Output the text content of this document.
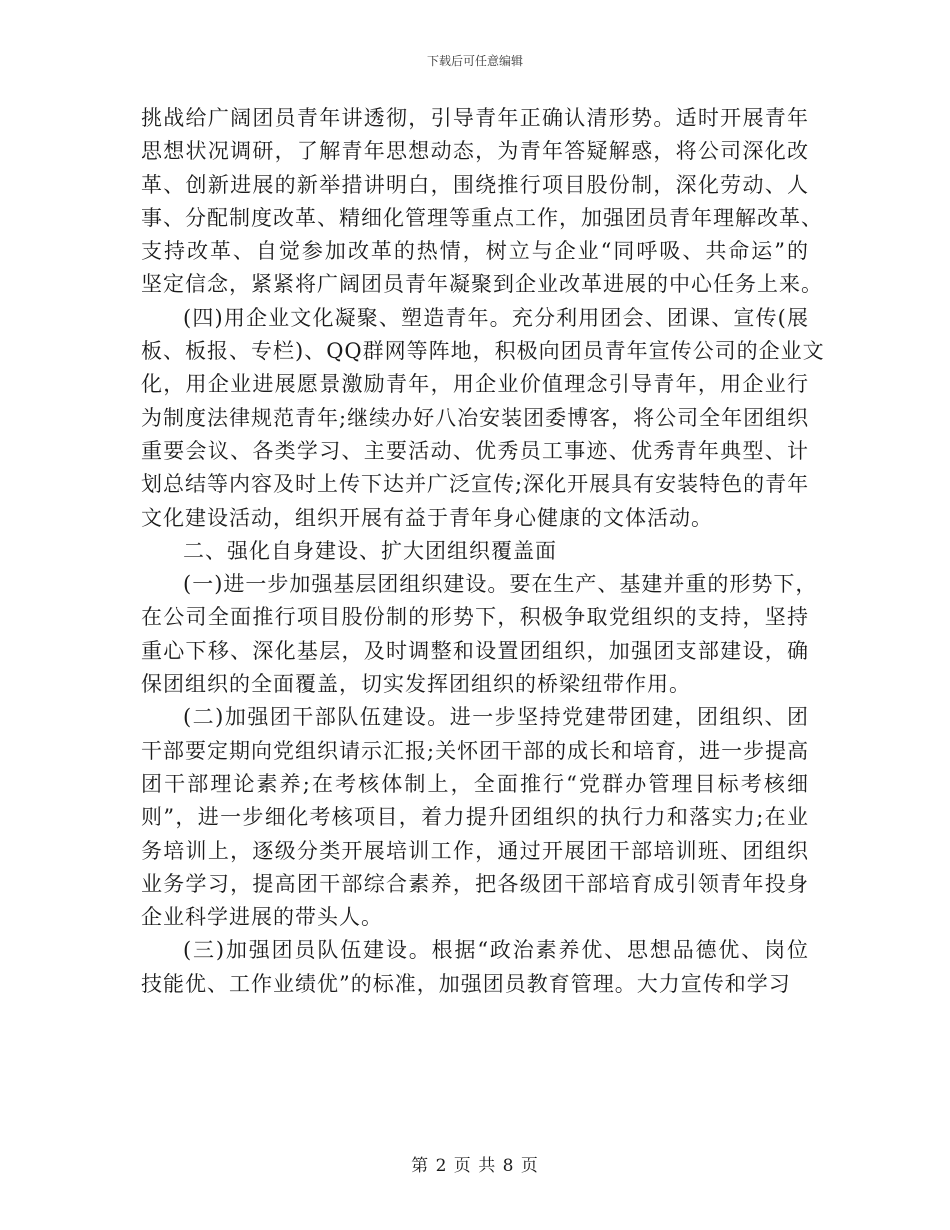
下载后可任意编辑
挑战给广阔团员青年讲透彻，引导青年正确认清形势。适时开展青年
思想状况调研，了解青年思想动态，为青年答疑解惑，将公司深化改
革、创新进展的新举措讲明白，围绕推行项目股份制，深化劳动、人
事、分配制度改革、精细化管理等重点工作，加强团员青年理解改革、
支持改革、自觉参加改革的热情，树立与企业“同呼吸、共命运”的
坚定信念，紧紧将广阔团员青年凝聚到企业改革进展的中心任务上来。
(四)用企业文化凝聚、塑造青年。充分利用团会、团课、宣传(展
板、板报、专栏)、QQ群网等阵地，积极向团员青年宣传公司的企业文
化，用企业进展愿景激励青年，用企业价值理念引导青年，用企业行
为制度法律规范青年;继续办好八冶安装团委博客，将公司全年团组织
重要会议、各类学习、主要活动、优秀员工事迹、优秀青年典型、计
划总结等内容及时上传下达并广泛宣传;深化开展具有安装特色的青年
文化建设活动，组织开展有益于青年身心健康的文体活动。
二、强化自身建设、扩大团组织覆盖面
(一)进一步加强基层团组织建设。要在生产、基建并重的形势下，
在公司全面推行项目股份制的形势下，积极争取党组织的支持，坚持
重心下移、深化基层，及时调整和设置团组织，加强团支部建设，确
保团组织的全面覆盖，切实发挥团组织的桥梁纽带作用。
(二)加强团干部队伍建设。进一步坚持党建带团建，团组织、团
干部要定期向党组织请示汇报;关怀团干部的成长和培育，进一步提高
团干部理论素养;在考核体制上，全面推行“党群办管理目标考核细
则”，进一步细化考核项目，着力提升团组织的执行力和落实力;在业
务培训上，逐级分类开展培训工作，通过开展团干部培训班、团组织
业务学习，提高团干部综合素养，把各级团干部培育成引领青年投身
企业科学进展的带头人。
(三)加强团员队伍建设。根据“政治素养优、思想品德优、岗位
技能优、工作业绩优”的标准，加强团员教育管理。大力宣传和学习
第 2 页 共 8 页
